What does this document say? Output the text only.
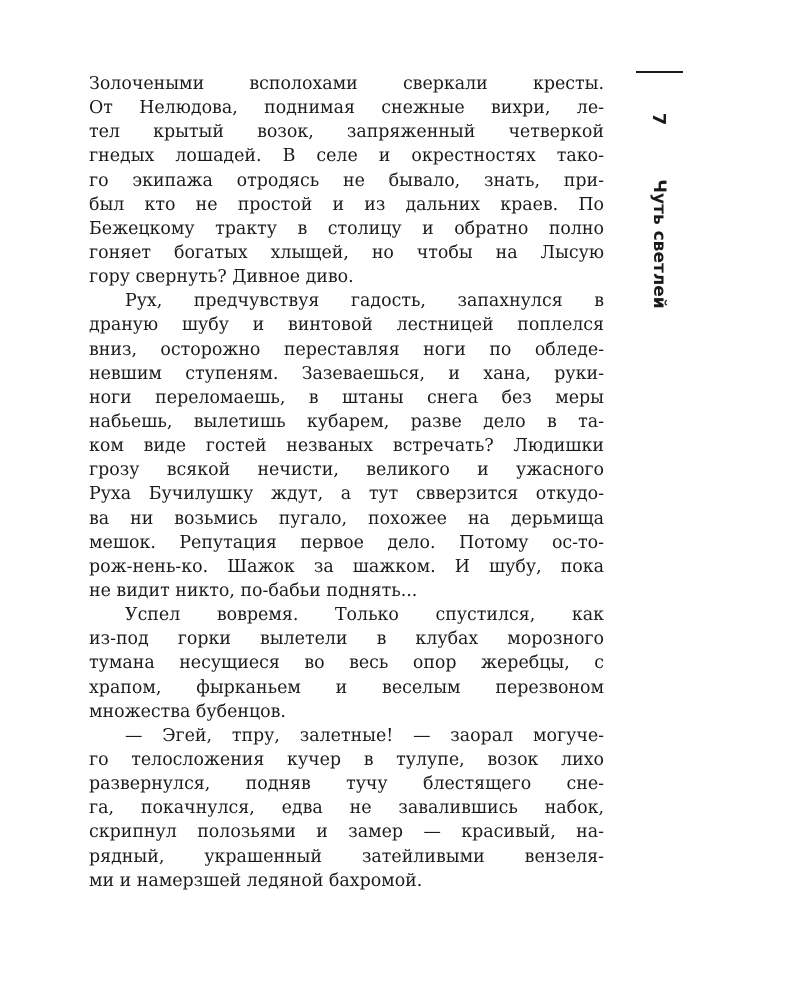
7
Чуть светлей
Золочеными всполохами сверкали кресты.
От Нелюдова, поднимая снежные вихри, ле-
тел крытый возок, запряженный четверкой
гнедых лошадей. В селе и окрестностях тако-
го экипажа отродясь не бывало, знать, при-
был кто не простой и из дальних краев. По
Бежецкому тракту в столицу и обратно полно
гоняет богатых хлыщей, но чтобы на Лысую
гору свернуть? Дивное диво.
Рух, предчувствуя гадость, запахнулся в
драную шубу и винтовой лестницей поплелся
вниз, осторожно переставляя ноги по обледе-
невшим ступеням. Зазеваешься, и хана, руки-
ноги переломаешь, в штаны снега без меры
набьешь, вылетишь кубарем, разве дело в та-
ком виде гостей незваных встречать? Людишки
грозу всякой нечисти, великого и ужасного
Руха Бучилушку ждут, а тут свверзится откудо-
ва ни возьмись пугало, похожее на дерьмища
мешок. Репутация первое дело. Потому ос-то-
рож-нень-ко. Шажок за шажком. И шубу, пока
не видит никто, по-бабьи поднять...
Успел вовремя. Только спустился, как
из-под горки вылетели в клубах морозного
тумана несущиеся во весь опор жеребцы, с
храпом, фырканьем и веселым перезвоном
множества бубенцов.
— Эгей, тпру, залетные! — заорал могуче-
го телосложения кучер в тулупе, возок лихо
развернулся, подняв тучу блестящего сне-
га, покачнулся, едва не завалившись набок,
скрипнул полозьями и замер — красивый, на-
рядный, украшенный затейливыми вензеля-
ми и намерзшей ледяной бахромой.
